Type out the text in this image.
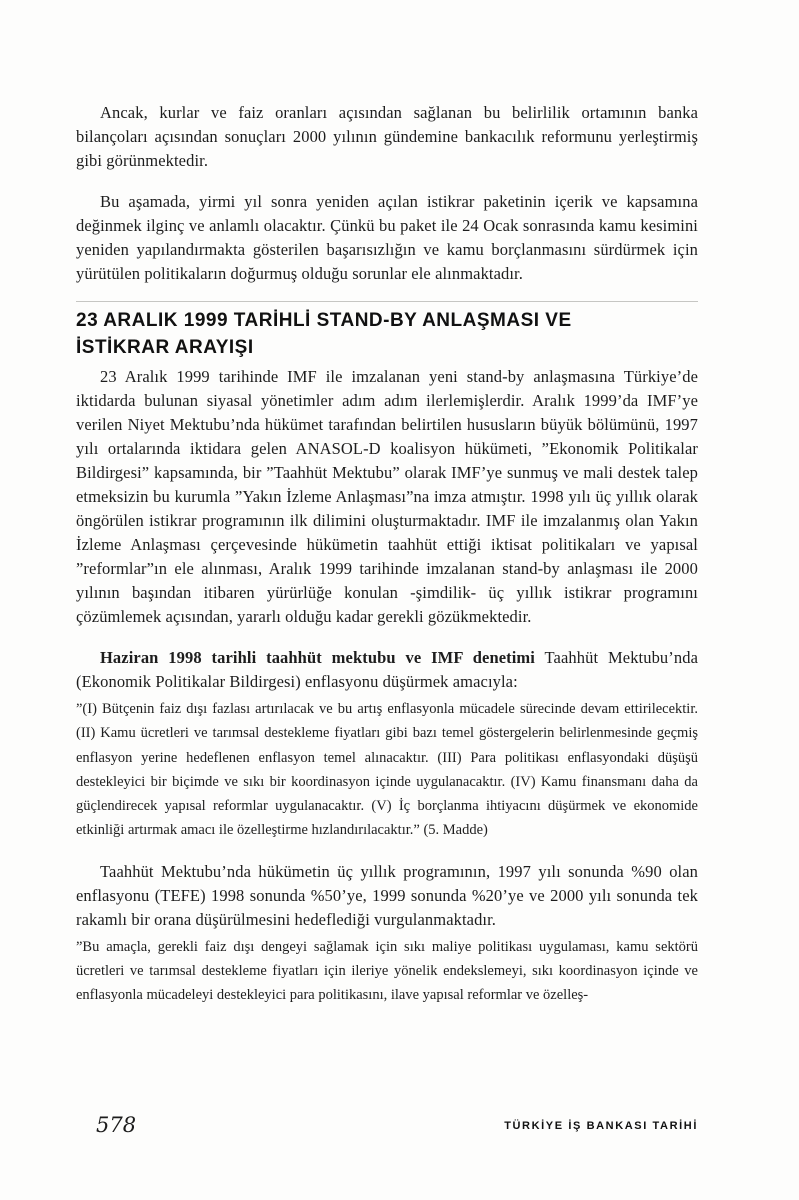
Ancak, kurlar ve faiz oranları açısından sağlanan bu belirlilik ortamının banka bilançoları açısından sonuçları 2000 yılının gündemine bankacılık reformunu yerleştirmiş gibi görünmektedir.

Bu aşamada, yirmi yıl sonra yeniden açılan istikrar paketinin içerik ve kapsamına değinmek ilginç ve anlamlı olacaktır. Çünkü bu paket ile 24 Ocak sonrasında kamu kesimini yeniden yapılandırmakta gösterilen başarısızlığın ve kamu borçlanmasını sürdürmek için yürütülen politikaların doğurmuş olduğu sorunlar ele alınmaktadır.

23 ARALIK 1999 TARİHLİ STAND-BY ANLAŞMASI VE
İSTİKRAR ARAYIŞI

23 Aralık 1999 tarihinde IMF ile imzalanan yeni stand-by anlaşmasına Türkiye’de iktidarda bulunan siyasal yönetimler adım adım ilerlemişlerdir. Aralık 1999’da IMF’ye verilen Niyet Mektubu’nda hükümet tarafından belirtilen hususların büyük bölümünü, 1997 yılı ortalarında iktidara gelen ANASOL-D koalisyon hükümeti, ”Ekonomik Politikalar Bildirgesi” kapsamında, bir ”Taahhüt Mektubu” olarak IMF’ye sunmuş ve mali destek talep etmeksizin bu kurumla ”Yakın İzleme Anlaşması”na imza atmıştır. 1998 yılı üç yıllık olarak öngörülen istikrar programının ilk dilimini oluşturmaktadır. IMF ile imzalanmış olan Yakın İzleme Anlaşması çerçevesinde hükümetin taahhüt ettiği iktisat politikaları ve yapısal ”reformlar”ın ele alınması, Aralık 1999 tarihinde imzalanan stand-by anlaşması ile 2000 yılının başından itibaren yürürlüğe konulan -şimdilik- üç yıllık istikrar programını çözümlemek açısından, yararlı olduğu kadar gerekli gözükmektedir.

Haziran 1998 tarihli taahhüt mektubu ve IMF denetimi Taahhüt Mektubu’nda (Ekonomik Politikalar Bildirgesi) enflasyonu düşürmek amacıyla:

”(I) Bütçenin faiz dışı fazlası artırılacak ve bu artış enflasyonla mücadele sürecinde devam ettirilecektir. (II) Kamu ücretleri ve tarımsal destekleme fiyatları gibi bazı temel göstergelerin belirlenmesinde geçmiş enflasyon yerine hedeflenen enflasyon temel alınacaktır. (III) Para politikası enflasyondaki düşüşü destekleyici bir biçimde ve sıkı bir koordinasyon içinde uygulanacaktır. (IV) Kamu finansmanı daha da güçlendirecek yapısal reformlar uygulanacaktır. (V) İç borçlanma ihtiyacını düşürmek ve ekonomide etkinliği artırmak amacı ile özelleştirme hızlandırılacaktır.” (5. Madde)

Taahhüt Mektubu’nda hükümetin üç yıllık programının, 1997 yılı sonunda %90 olan enflasyonu (TEFE) 1998 sonunda %50’ye, 1999 sonunda %20’ye ve 2000 yılı sonunda tek rakamlı bir orana düşürülmesini hedeflediği vurgulanmaktadır.

”Bu amaçla, gerekli faiz dışı dengeyi sağlamak için sıkı maliye politikası uygulaması, kamu sektörü ücretleri ve tarımsal destekleme fiyatları için ileriye yönelik endekslemeyi, sıkı koordinasyon içinde ve enflasyonla mücadeleyi destekleyici para politikasını, ilave yapısal reformlar ve özelleş-

578	TÜRKİYE İŞ BANKASI TARİHİ
